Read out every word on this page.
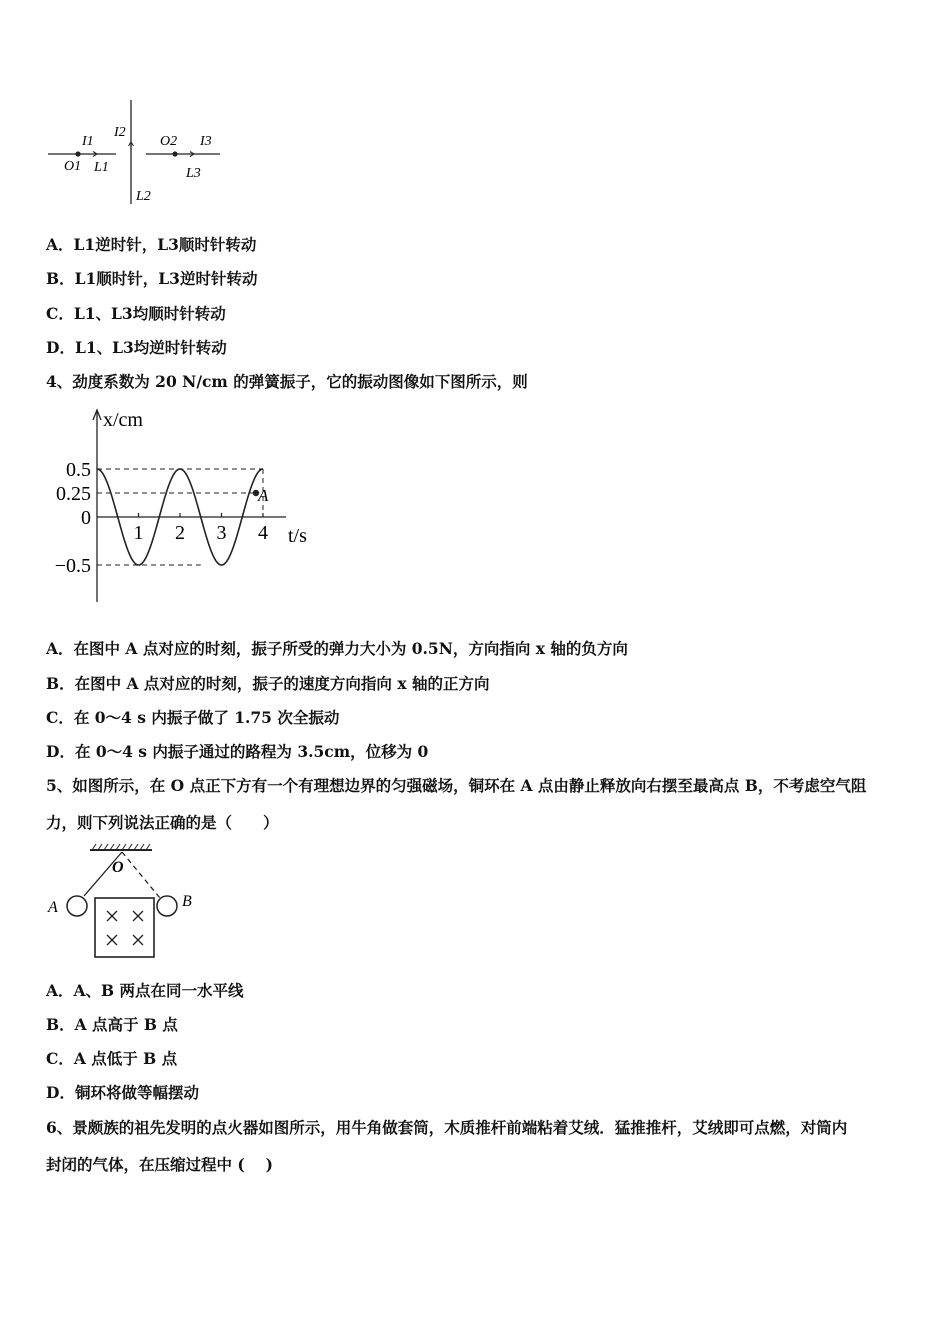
I1
O1 L1
I2
L2
O2 I3
L3
A．L1逆时针，L3顺时针转动
B．L1顺时针，L3逆时针转动
C．L1、L3均顺时针转动
D．L1、L3均逆时针转动
4、劲度系数为 20 N/cm 的弹簧振子，它的振动图像如下图所示，则
x/cm
t/s
0.5
0.25
0
−0.5
1 2 3 4
A
A．在图中 A 点对应的时刻，振子所受的弹力大小为 0.5N，方向指向 x 轴的负方向
B．在图中 A 点对应的时刻，振子的速度方向指向 x 轴的正方向
C．在 0～4 s 内振子做了 1.75 次全振动
D．在 0～4 s 内振子通过的路程为 3.5cm，位移为 0
5、如图所示，在 O 点正下方有一个有理想边界的匀强磁场，铜环在 A 点由静止释放向右摆至最高点 B，不考虑空气阻
力，则下列说法正确的是（　　）
O
A	B
A．A、B 两点在同一水平线
B．A 点高于 B 点
C．A 点低于 B 点
D．铜环将做等幅摆动
6、景颇族的祖先发明的点火器如图所示，用牛角做套筒，木质推杆前端粘着艾绒．猛推推杆，艾绒即可点燃，对筒内
封闭的气体，在压缩过程中 (　 )
